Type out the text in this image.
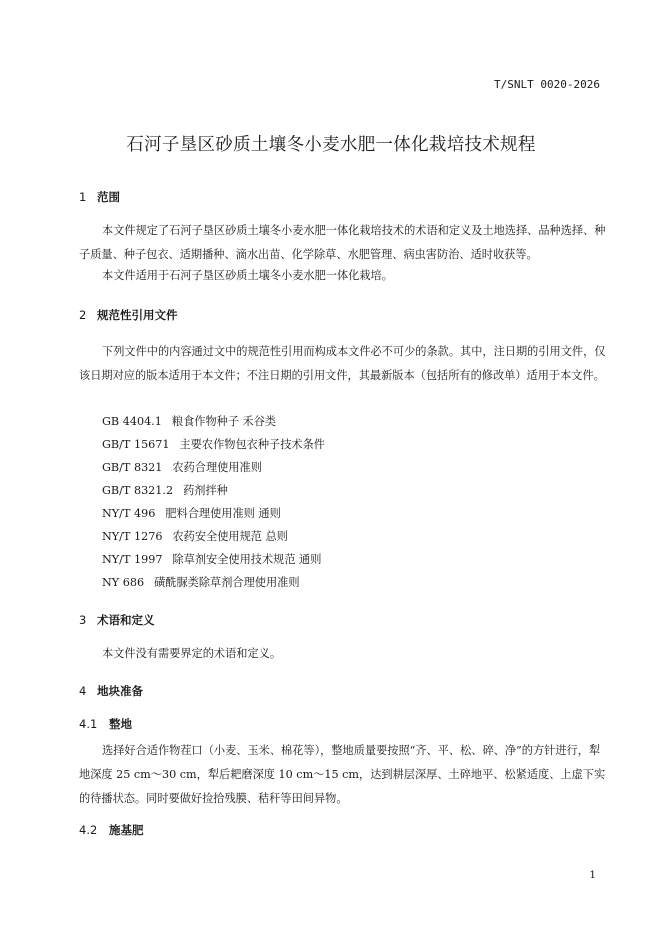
T/SNLT 0020-2026
石河子垦区砂质土壤冬小麦水肥一体化栽培技术规程
1 范围
本文件规定了石河子垦区砂质土壤冬小麦水肥一体化栽培技术的术语和定义及土地选择、品种选择、种子质量、种子包衣、适期播种、滴水出苗、化学除草、水肥管理、病虫害防治、适时收获等。
本文件适用于石河子垦区砂质土壤冬小麦水肥一体化栽培。
2 规范性引用文件
下列文件中的内容通过文中的规范性引用而构成本文件必不可少的条款。其中，注日期的引用文件，仅该日期对应的版本适用于本文件；不注日期的引用文件，其最新版本（包括所有的修改单）适用于本文件。
GB 4404.1 粮食作物种子 禾谷类
GB/T 15671 主要农作物包衣种子技术条件
GB/T 8321 农药合理使用准则
GB/T 8321.2 药剂拌种
NY/T 496 肥料合理使用准则 通则
NY/T 1276 农药安全使用规范 总则
NY/T 1997 除草剂安全使用技术规范 通则
NY 686 磺酰脲类除草剂合理使用准则
3 术语和定义
本文件没有需要界定的术语和定义。
4 地块准备
4.1 整地
选择好合适作物茬口（小麦、玉米、棉花等），整地质量要按照“齐、平、松、碎、净”的方针进行，犁地深度 25 cm～30 cm，犁后耙磨深度 10 cm～15 cm，达到耕层深厚、土碎地平、松紧适度、上虚下实的待播状态。同时要做好捡拾残膜、秸秆等田间异物。
4.2 施基肥
1
